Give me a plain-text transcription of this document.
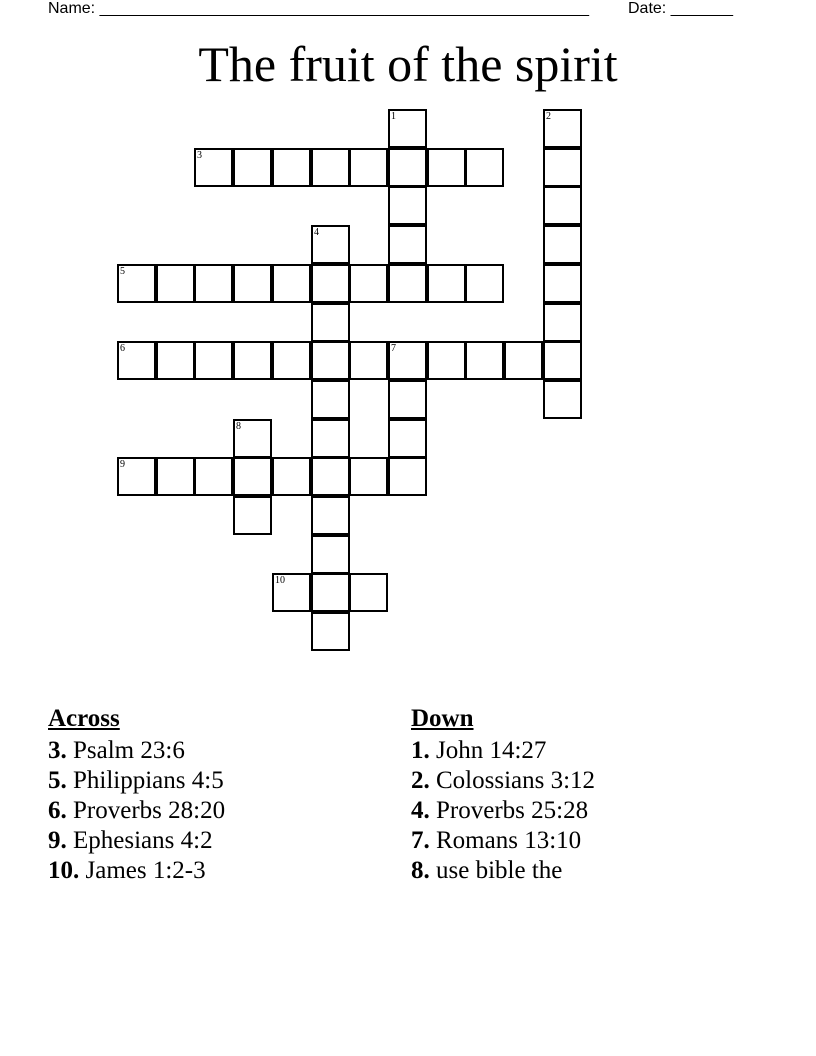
Name: _______________________________________________________ Date: _______
The fruit of the spirit
1	2
3
4
5
6	7
8
9
10
Across
3. Psalm 23:6
5. Philippians 4:5
6. Proverbs 28:20
9. Ephesians 4:2
10. James 1:2-3
Down
1. John 14:27
2. Colossians 3:12
4. Proverbs 25:28
7. Romans 13:10
8. use bible the
